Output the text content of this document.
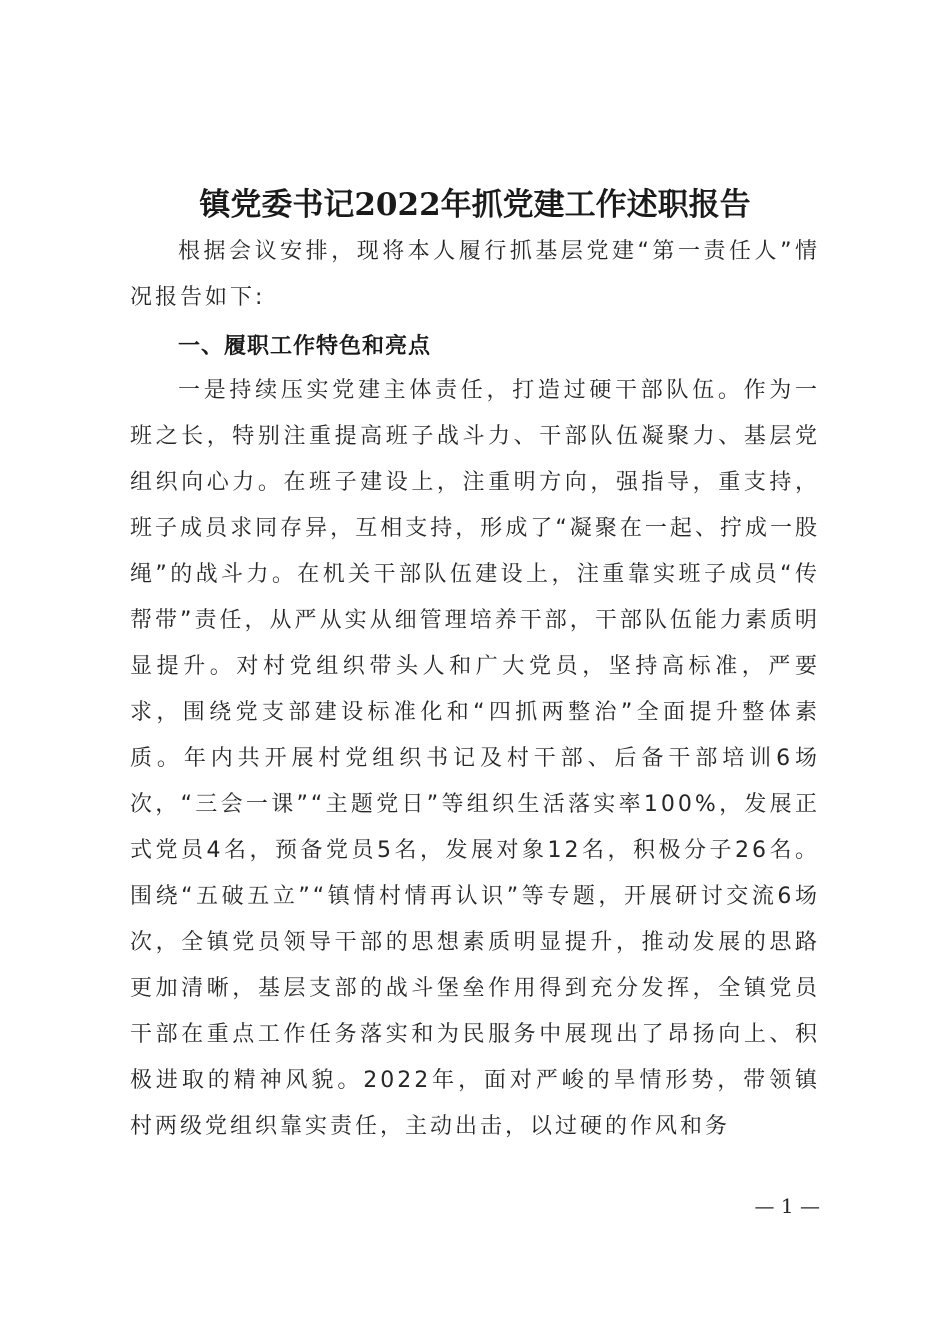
镇党委书记2022年抓党建工作述职报告
根据会议安排，现将本人履行抓基层党建“第一责任人”情况报告如下:
一、履职工作特色和亮点
一是持续压实党建主体责任，打造过硬干部队伍。作为一班之长，特别注重提高班子战斗力、干部队伍凝聚力、基层党组织向心力。在班子建设上，注重明方向，强指导，重支持，班子成员求同存异，互相支持，形成了“凝聚在一起、拧成一股绳”的战斗力。在机关干部队伍建设上，注重靠实班子成员“传帮带”责任，从严从实从细管理培养干部，干部队伍能力素质明显提升。对村党组织带头人和广大党员，坚持高标准，严要求，围绕党支部建设标准化和“四抓两整治”全面提升整体素质。年内共开展村党组织书记及村干部、后备干部培训6场次，“三会一课”“主题党日”等组织生活落实率100%，发展正式党员4名，预备党员5名，发展对象12名，积极分子26名。围绕“五破五立”“镇情村情再认识”等专题，开展研讨交流6场次，全镇党员领导干部的思想素质明显提升，推动发展的思路更加清晰，基层支部的战斗堡垒作用得到充分发挥，全镇党员干部在重点工作任务落实和为民服务中展现出了昂扬向上、积极进取的精神风貌。2022年，面对严峻的旱情形势，带领镇村两级党组织靠实责任，主动出击，以过硬的作风和务
— 1 —
